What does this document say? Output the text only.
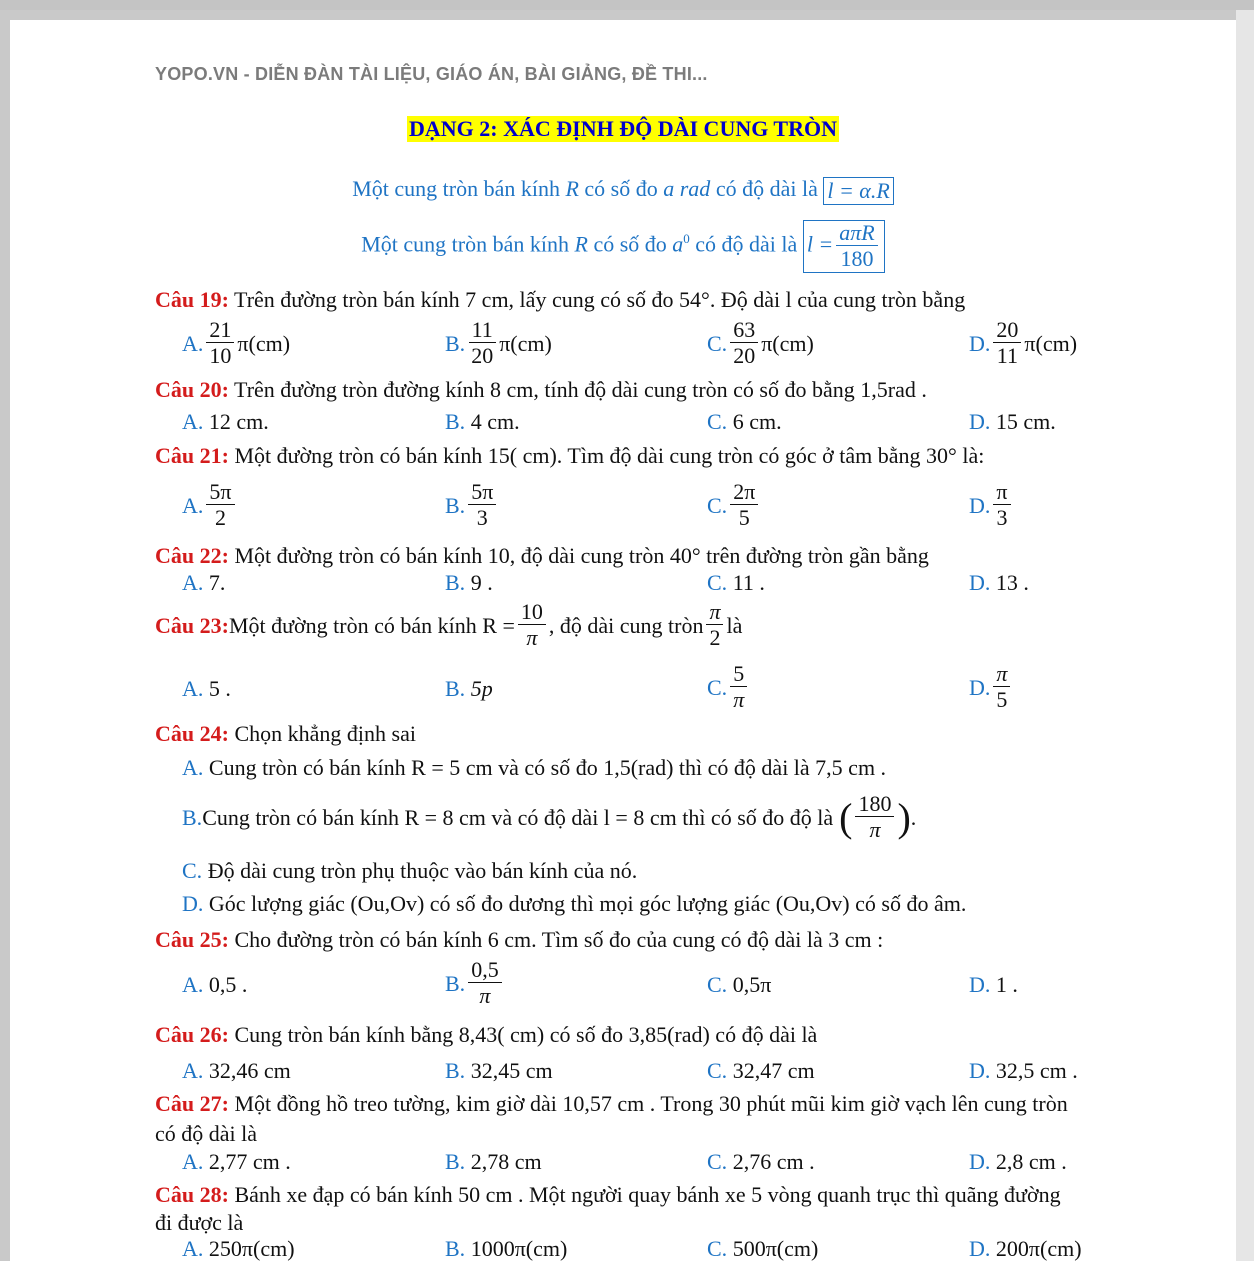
YOPO.VN - DIỄN ĐÀN TÀI LIỆU, GIÁO ÁN, BÀI GIẢNG, ĐỀ THI...
DẠNG 2: XÁC ĐỊNH ĐỘ DÀI CUNG TRÒN
Một cung tròn bán kính R có số đo a rad có độ dài là l = α.R
Một cung tròn bán kính R có số đo $a^0$ có độ dài là $l = \frac{\text{aπR}}{180}$
Câu 19: Trên đường tròn bán kính 7 cm, lấy cung có số đo 54°. Độ dài l của cung tròn bằng
A. $\frac{21}{10} \pi(cm)$	B. $\frac{11}{20} \pi(cm)$	C. $\frac{63}{20} \pi(cm)$	D. $\frac{20}{11} \pi(cm)$
Câu 20: Trên đường tròn đường kính 8 cm, tính độ dài cung tròn có số đo bằng 1,5rad .
A. 12 cm.	B. 4 cm.	C. 6 cm.	D. 15 cm.
Câu 21: Một đường tròn có bán kính 15( cm). Tìm độ dài cung tròn có góc ở tâm bằng 30° là:
A. $\frac{5\pi}{2}$	B. $\frac{5\pi}{3}$	C. $\frac{2\pi}{5}$	D. $\frac{\pi}{3}$
Câu 22: Một đường tròn có bán kính 10, độ dài cung tròn 40° trên đường tròn gần bằng
A. 7.	B. 9 .	C. 11 .	D. 13 .
Câu 23: Một đường tròn có bán kính $R = \frac{10}{\pi}$ , độ dài cung tròn $\frac{\pi}{2}$ là
A. 5 .	B. 5p	C. $\frac{5}{\pi}$	D. $\frac{\pi}{5}$
Câu 24: Chọn khẳng định sai
A. Cung tròn có bán kính R = 5 cm và có số đo 1,5(rad) thì có độ dài là 7,5 cm .
B. Cung tròn có bán kính R = 8 cm và có độ dài l = 8 cm thì có số đo độ là ( $\frac{180}{\pi}$ ) .
C. Độ dài cung tròn phụ thuộc vào bán kính của nó.
D. Góc lượng giác (Ou,Ov) có số đo dương thì mọi góc lượng giác (Ou,Ov) có số đo âm.
Câu 25: Cho đường tròn có bán kính 6 cm. Tìm số đo của cung có độ dài là 3 cm :
A. 0,5 .	B. $\frac{0,5}{\pi}$	C. 0,5π	D. 1 .
Câu 26: Cung tròn bán kính bằng 8,43( cm) có số đo 3,85(rad) có độ dài là
A. 32,46 cm	B. 32,45 cm	C. 32,47 cm	D. 32,5 cm .
Câu 27: Một đồng hồ treo tường, kim giờ dài 10,57 cm . Trong 30 phút mũi kim giờ vạch lên cung tròn
có độ dài là
A. 2,77 cm .	B. 2,78 cm	C. 2,76 cm .	D. 2,8 cm .
Câu 28: Bánh xe đạp có bán kính 50 cm . Một người quay bánh xe 5 vòng quanh trục thì quãng đường
đi được là
A. 250π(cm)	B. 1000π(cm)	C. 500π(cm)	D. 200π(cm)
